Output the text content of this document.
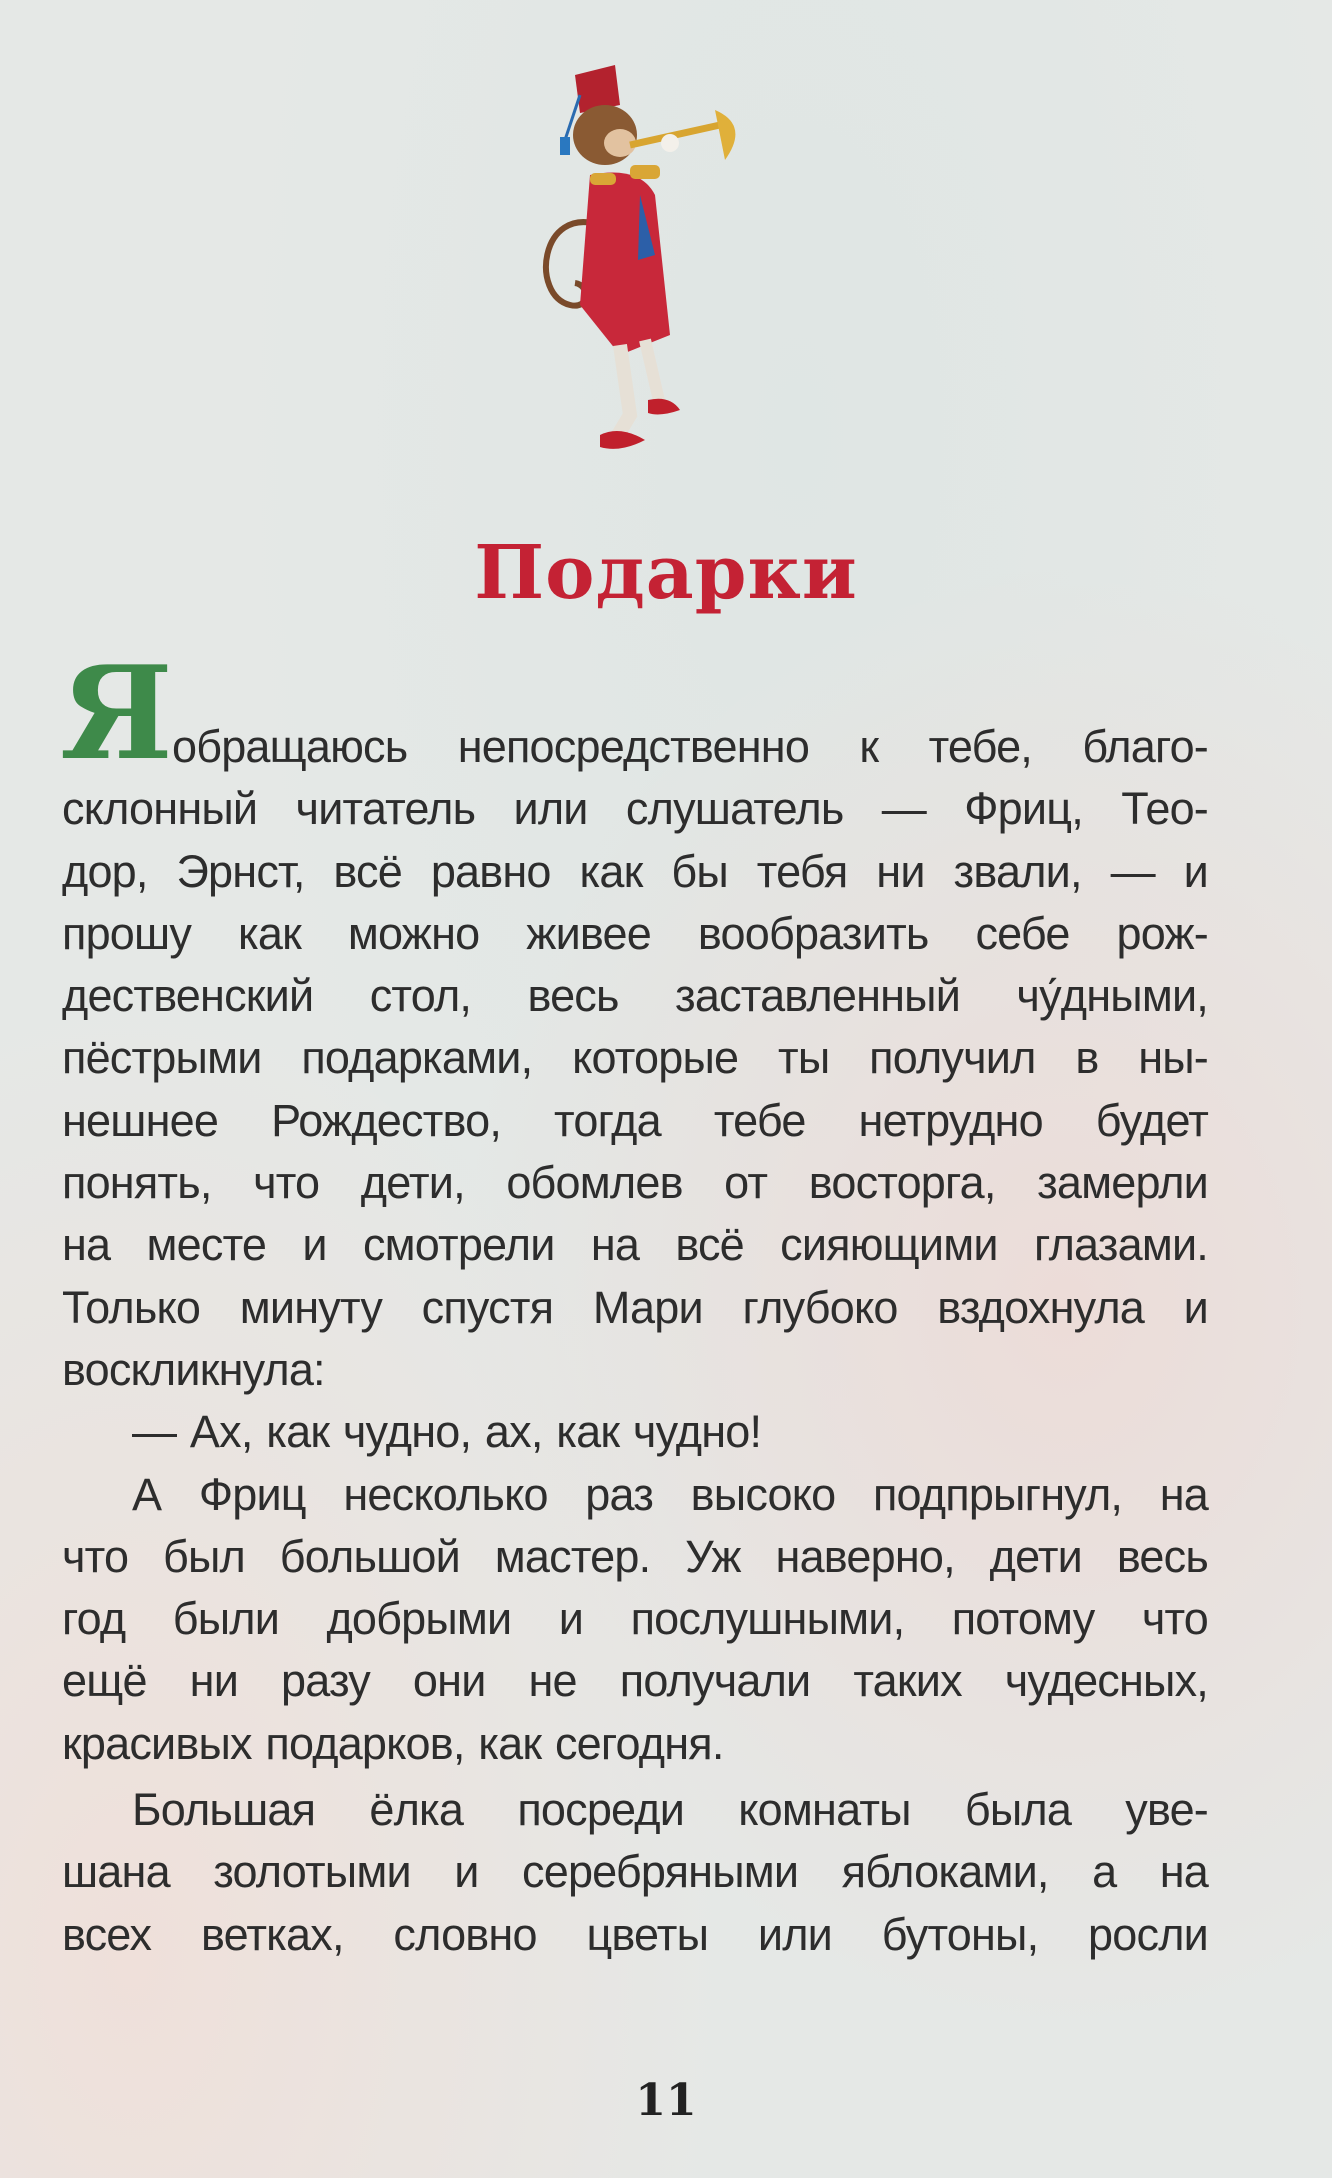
Подарки
Я обращаюсь непосредственно к тебе, благо-
склонный читатель или слушатель — Фриц, Тео-
дор, Эрнст, всё равно как бы тебя ни звали, — и
прошу как можно живее вообразить себе рож-
дественский стол, весь заставленный чу́дными,
пёстрыми подарками, которые ты получил в ны-
нешнее Рождество, тогда тебе нетрудно будет
понять, что дети, обомлев от восторга, замерли
на месте и смотрели на всё сияющими глазами.
Только минуту спустя Мари глубоко вздохнула и
воскликнула:
— Ах, как чудно, ах, как чудно!
А Фриц несколько раз высоко подпрыгнул, на
что был большой мастер. Уж наверно, дети весь
год были добрыми и послушными, потому что
ещё ни разу они не получали таких чудесных,
красивых подарков, как сегодня.
Большая ёлка посреди комнаты была уве-
шана золотыми и серебряными яблоками, а на
всех ветках, словно цветы или бутоны, росли
11
